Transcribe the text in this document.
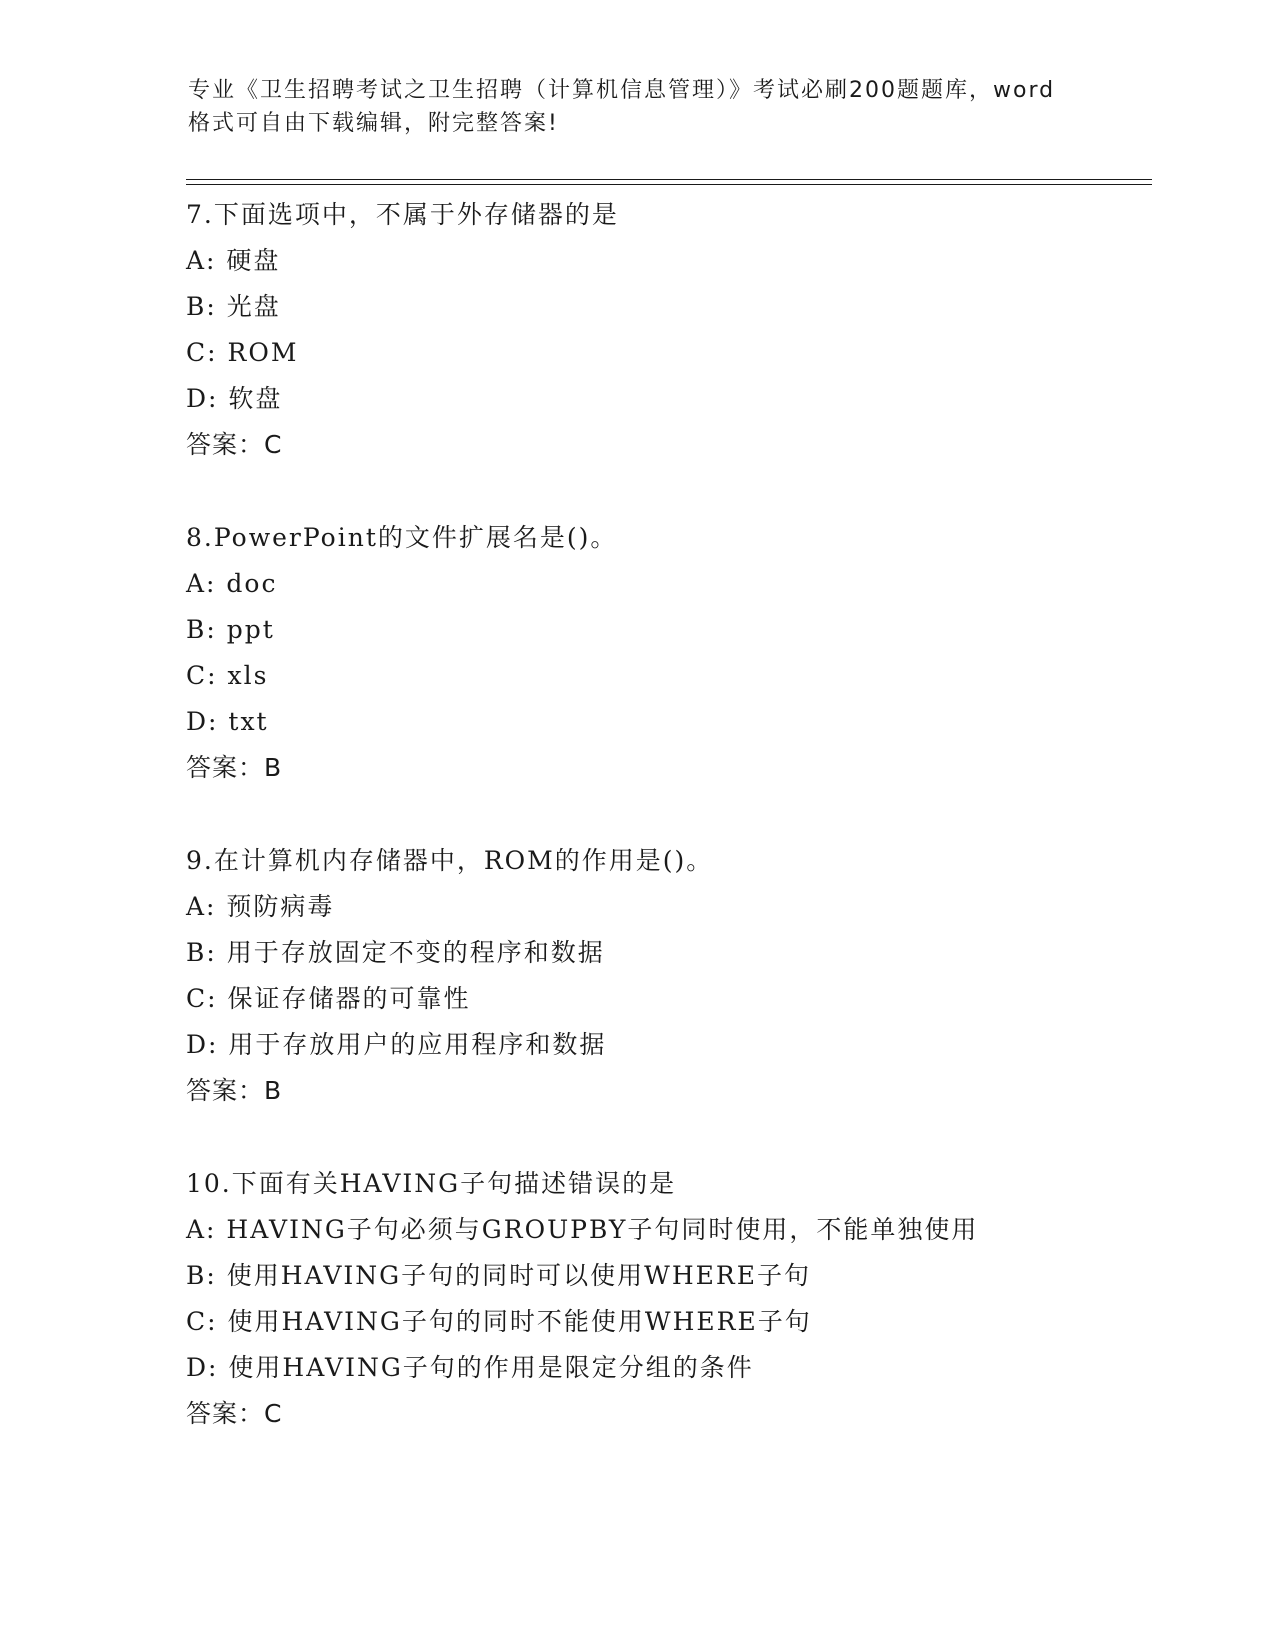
专业《卫生招聘考试之卫生招聘（计算机信息管理）》考试必刷200题题库，word
格式可自由下载编辑，附完整答案!
7.下面选项中，不属于外存储器的是
A: 硬盘
B: 光盘
C: ROM
D: 软盘
答案：C
8.PowerPoint的文件扩展名是()。
A: doc
B: ppt
C: xls
D: txt
答案：B
9.在计算机内存储器中，ROM的作用是()。
A: 预防病毒
B: 用于存放固定不变的程序和数据
C: 保证存储器的可靠性
D: 用于存放用户的应用程序和数据
答案：B
10.下面有关HAVING子句描述错误的是
A: HAVING子句必须与GROUPBY子句同时使用，不能单独使用
B: 使用HAVING子句的同时可以使用WHERE子句
C: 使用HAVING子句的同时不能使用WHERE子句
D: 使用HAVING子句的作用是限定分组的条件
答案：C
